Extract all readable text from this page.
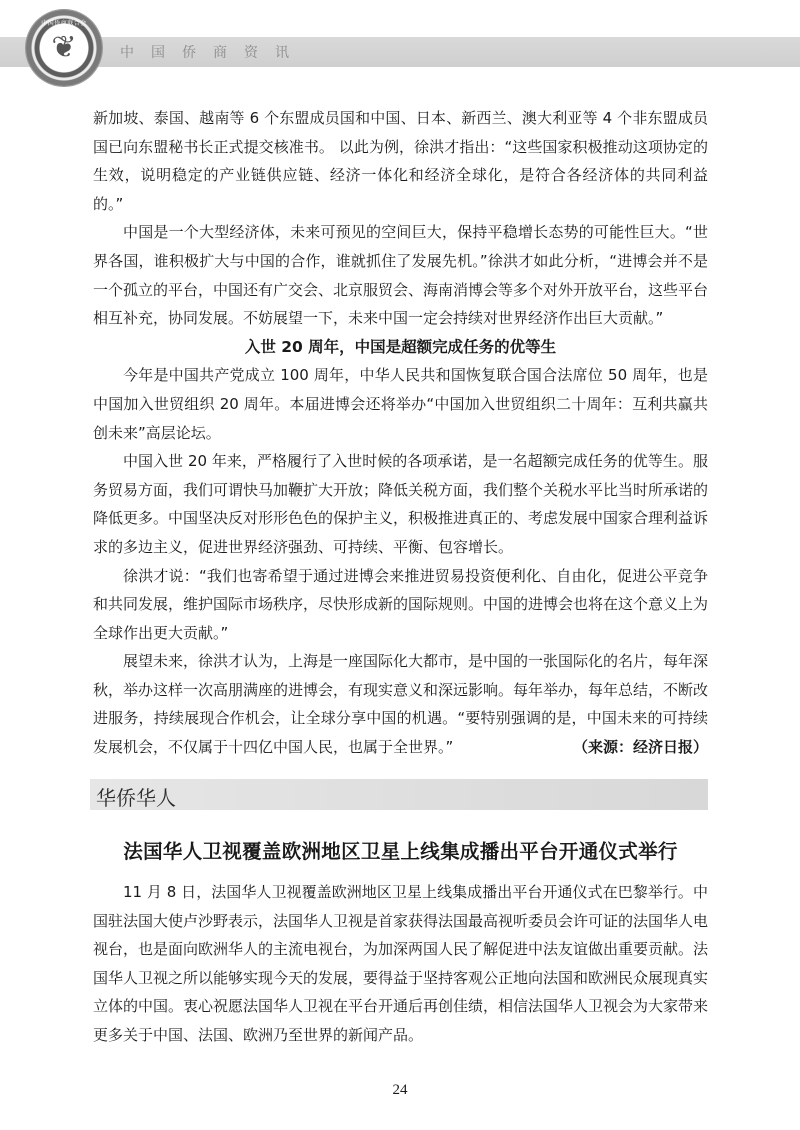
中国侨商联合会
❦	中国侨商资讯

新加坡、泰国、越南等 6 个东盟成员国和中国、日本、新西兰、澳大利亚等 4 个非东盟成员国已向东盟秘书长正式提交核准书。 以此为例，徐洪才指出：“这些国家积极推动这项协定的生效，说明稳定的产业链供应链、经济一体化和经济全球化，是符合各经济体的共同利益的。”

中国是一个大型经济体，未来可预见的空间巨大，保持平稳增长态势的可能性巨大。“世界各国，谁积极扩大与中国的合作，谁就抓住了发展先机。”徐洪才如此分析，“进博会并不是一个孤立的平台，中国还有广交会、北京服贸会、海南消博会等多个对外开放平台，这些平台相互补充，协同发展。不妨展望一下，未来中国一定会持续对世界经济作出巨大贡献。”

入世 20 周年，中国是超额完成任务的优等生

今年是中国共产党成立 100 周年，中华人民共和国恢复联合国合法席位 50 周年，也是中国加入世贸组织 20 周年。本届进博会还将举办“中国加入世贸组织二十周年：互利共赢共创未来”高层论坛。

中国入世 20 年来，严格履行了入世时候的各项承诺，是一名超额完成任务的优等生。服务贸易方面，我们可谓快马加鞭扩大开放；降低关税方面，我们整个关税水平比当时所承诺的降低更多。中国坚决反对形形色色的保护主义，积极推进真正的、考虑发展中国家合理利益诉求的多边主义，促进世界经济强劲、可持续、平衡、包容增长。

徐洪才说：“我们也寄希望于通过进博会来推进贸易投资便利化、自由化，促进公平竞争和共同发展，维护国际市场秩序，尽快形成新的国际规则。中国的进博会也将在这个意义上为全球作出更大贡献。”

展望未来，徐洪才认为，上海是一座国际化大都市，是中国的一张国际化的名片，每年深秋，举办这样一次高朋满座的进博会，有现实意义和深远影响。每年举办，每年总结，不断改进服务，持续展现合作机会，让全球分享中国的机遇。“要特别强调的是，中国未来的可持续发展机会，不仅属于十四亿中国人民，也属于全世界。”	（来源：经济日报）

华侨华人
法国华人卫视覆盖欧洲地区卫星上线集成播出平台开通仪式举行

11 月 8 日，法国华人卫视覆盖欧洲地区卫星上线集成播出平台开通仪式在巴黎举行。中国驻法国大使卢沙野表示，法国华人卫视是首家获得法国最高视听委员会许可证的法国华人电视台，也是面向欧洲华人的主流电视台，为加深两国人民了解促进中法友谊做出重要贡献。法国华人卫视之所以能够实现今天的发展，要得益于坚持客观公正地向法国和欧洲民众展现真实立体的中国。衷心祝愿法国华人卫视在平台开通后再创佳绩，相信法国华人卫视会为大家带来更多关于中国、法国、欧洲乃至世界的新闻产品。

24
